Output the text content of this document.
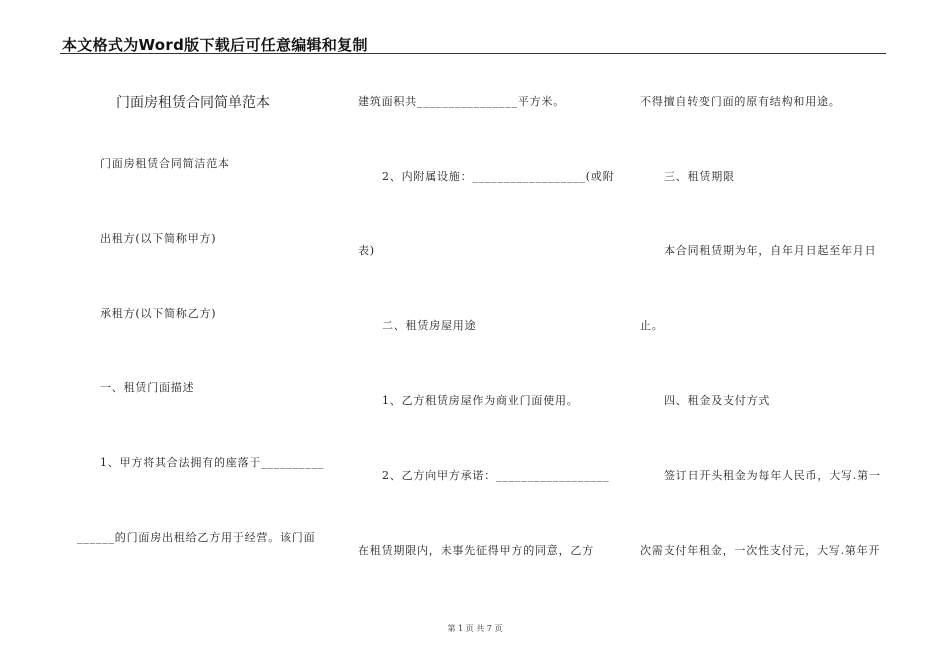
本文格式为Word版下载后可任意编辑和复制
门面房租赁合同简单范本
门面房租赁合同简洁范本
出租方(以下简称甲方)
承租方(以下简称乙方)
一、租赁门面描述
1、甲方将其合法拥有的座落于__________
______的门面房出租给乙方用于经营。该门面
建筑面积共________________平方米。
2、内附属设施：__________________(或附
表)
二、租赁房屋用途
1、乙方租赁房屋作为商业门面使用。
2、乙方向甲方承诺：__________________
在租赁期限内，未事先征得甲方的同意，乙方
不得擅自转变门面的原有结构和用途。
三、租赁期限
本合同租赁期为年，自年月日起至年月日
止。
四、租金及支付方式
签订日开头租金为每年人民币，大写.第一
次需支付年租金，一次性支付元，大写.第年开
第 1 页 共 7 页
